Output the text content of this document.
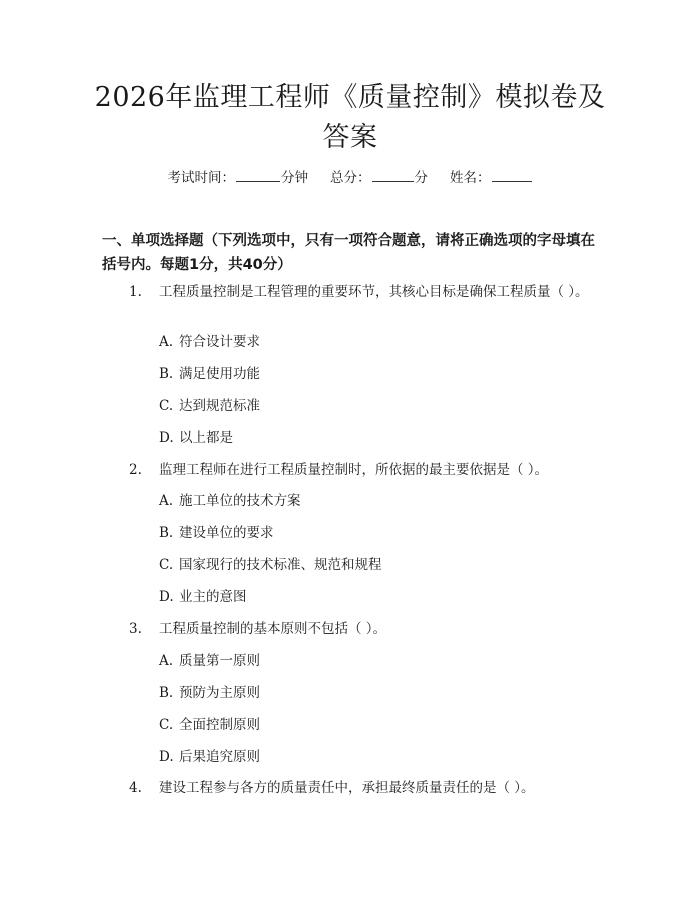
2026年监理工程师《质量控制》模拟卷及答案
考试时间：	分钟 总分：	分 姓名：
一、单项选择题（下列选项中，只有一项符合题意，请将正确选项的字母填在括号内。每题1分，共40分）
1. 工程质量控制是工程管理的重要环节，其核心目标是确保工程质量（ ）。
A. 符合设计要求
B. 满足使用功能
C. 达到规范标准
D. 以上都是
2. 监理工程师在进行工程质量控制时，所依据的最主要依据是（ ）。
A. 施工单位的技术方案
B. 建设单位的要求
C. 国家现行的技术标准、规范和规程
D. 业主的意图
3. 工程质量控制的基本原则不包括（ ）。
A. 质量第一原则
B. 预防为主原则
C. 全面控制原则
D. 后果追究原则
4. 建设工程参与各方的质量责任中，承担最终质量责任的是（ ）。
